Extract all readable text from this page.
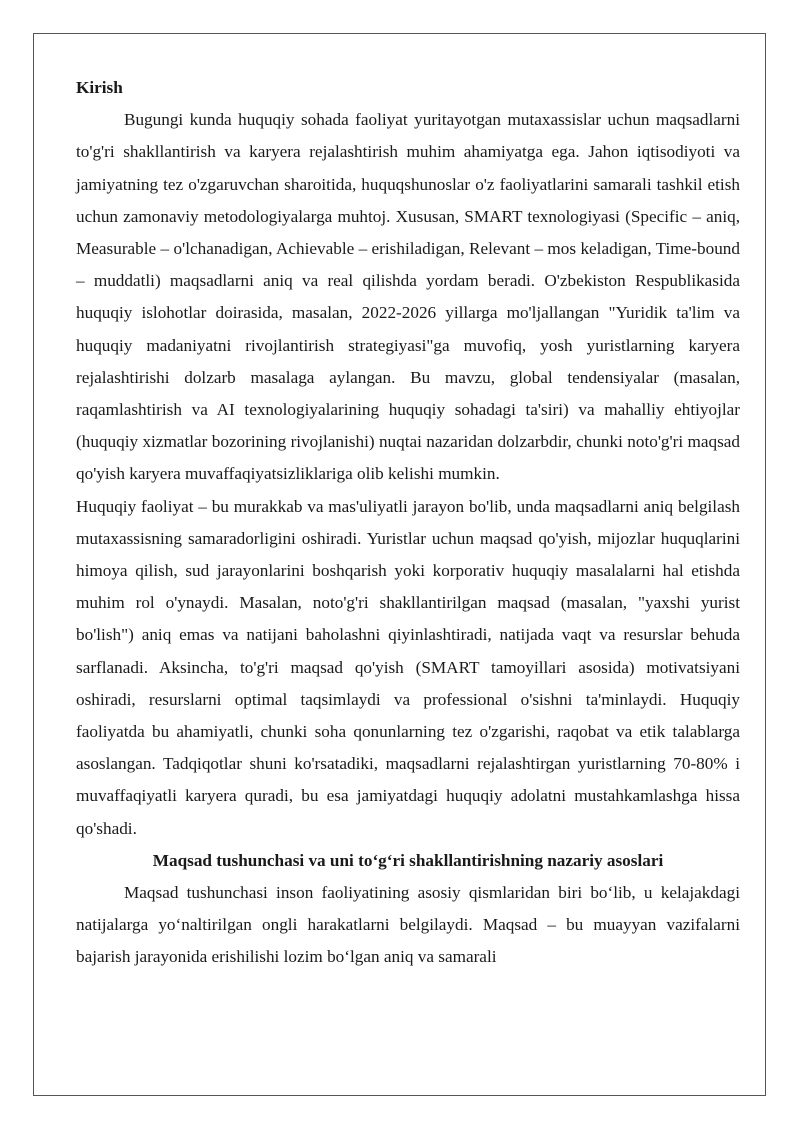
Kirish

Bugungi kunda huquqiy sohada faoliyat yuritayotgan mutaxassislar uchun maqsadlarni to'g'ri shakllantirish va karyera rejalashtirish muhim ahamiyatga ega. Jahon iqtisodiyoti va jamiyatning tez o'zgaruvchan sharoitida, huquqshunoslar o'z faoliyatlarini samarali tashkil etish uchun zamonaviy metodologiyalarga muhtoj. Xususan, SMART texnologiyasi (Specific – aniq, Measurable – o'lchanadigan, Achievable – erishiladigan, Relevant – mos keladigan, Time-bound – muddatli) maqsadlarni aniq va real qilishda yordam beradi. O'zbekiston Respublikasida huquqiy islohotlar doirasida, masalan, 2022-2026 yillarga mo'ljallangan "Yuridik ta'lim va huquqiy madaniyatni rivojlantirish strategiyasi"ga muvofiq, yosh yuristlarning karyera rejalashtirishi dolzarb masalaga aylangan. Bu mavzu, global tendensiyalar (masalan, raqamlashtirish va AI texnologiyalarining huquqiy sohadagi ta'siri) va mahalliy ehtiyojlar (huquqiy xizmatlar bozorining rivojlanishi) nuqtai nazaridan dolzarbdir, chunki noto'g'ri maqsad qo'yish karyera muvaffaqiyatsizliklariga olib kelishi mumkin.

Huquqiy faoliyat – bu murakkab va mas'uliyatli jarayon bo'lib, unda maqsadlarni aniq belgilash mutaxassisning samaradorligini oshiradi. Yuristlar uchun maqsad qo'yish, mijozlar huquqlarini himoya qilish, sud jarayonlarini boshqarish yoki korporativ huquqiy masalalarni hal etishda muhim rol o'ynaydi. Masalan, noto'g'ri shakllantirilgan maqsad (masalan, "yaxshi yurist bo'lish") aniq emas va natijani baholashni qiyinlashtiradi, natijada vaqt va resurslar behuda sarflanadi. Aksincha, to'g'ri maqsad qo'yish (SMART tamoyillari asosida) motivatsiyani oshiradi, resurslarni optimal taqsimlaydi va professional o'sishni ta'minlaydi. Huquqiy faoliyatda bu ahamiyatli, chunki soha qonunlarning tez o'zgarishi, raqobat va etik talablarga asoslangan. Tadqiqotlar shuni ko'rsatadiki, maqsadlarni rejalashtirgan yuristlarning 70-80% i muvaffaqiyatli karyera quradi, bu esa jamiyatdagi huquqiy adolatni mustahkamlashga hissa qo'shadi.

Maqsad tushunchasi va uni to‘g‘ri shakllantirishning nazariy asoslari

Maqsad tushunchasi inson faoliyatining asosiy qismlaridan biri bo‘lib, u kelajakdagi natijalarga yo‘naltirilgan ongli harakatlarni belgilaydi. Maqsad – bu muayyan vazifalarni bajarish jarayonida erishilishi lozim bo‘lgan aniq va samarali
